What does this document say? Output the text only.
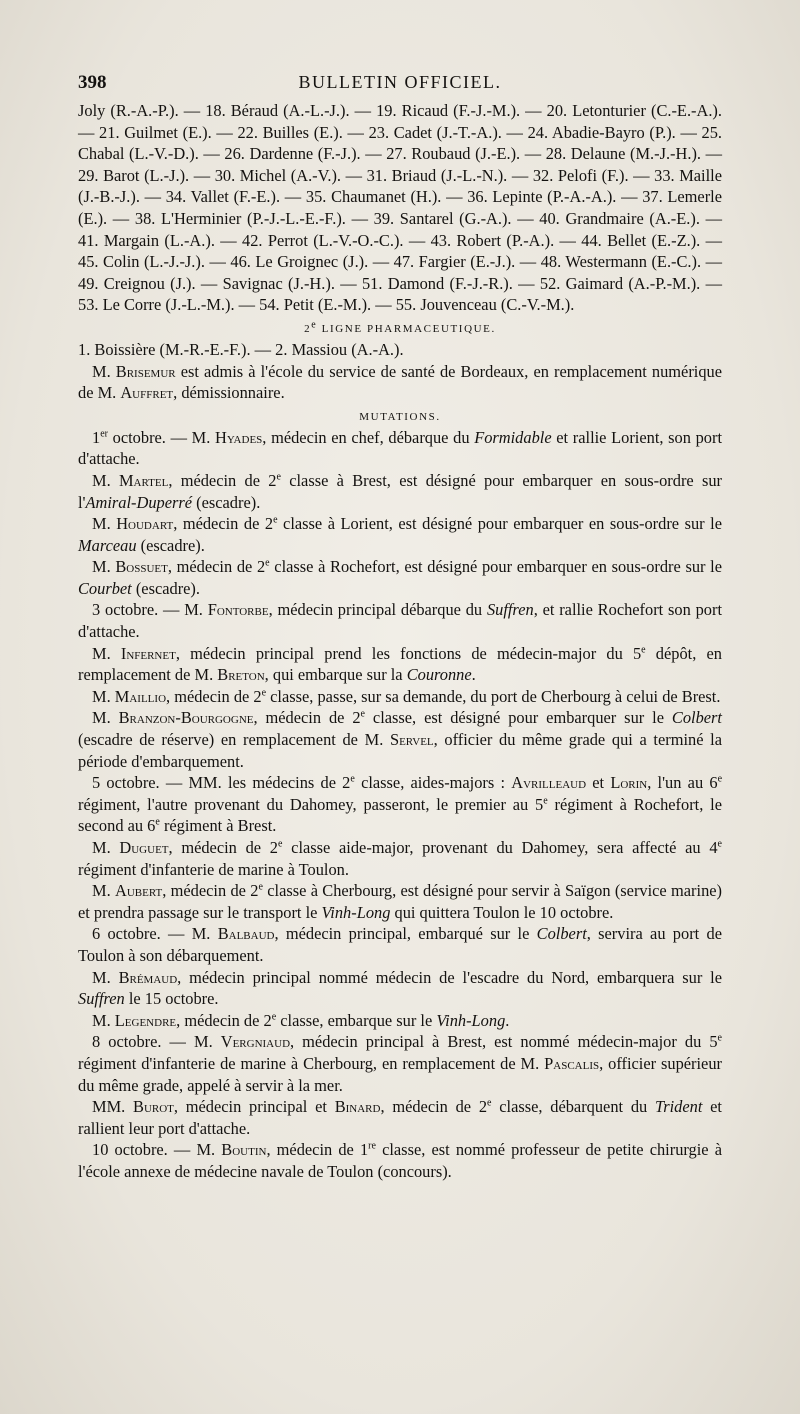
398	BULLETIN OFFICIEL.

Joly (R.-A.-P.). — 18. Béraud (A.-L.-J.). — 19. Ricaud (F.-J.-M.). — 20. Letonturier (C.-E.-A.). — 21. Guilmet (E.). — 22. Builles (E.). — 23. Cadet (J.-T.-A.). — 24. Abadie-Bayro (P.). — 25. Chabal (L.-V.-D.). — 26. Dardenne (F.-J.). — 27. Roubaud (J.-E.). — 28. Delaune (M.-J.-H.). — 29. Barot (L.-J.). — 30. Michel (A.-V.). — 31. Briaud (J.-L.-N.). — 32. Pelofi (F.). — 33. Maille (J.-B.-J.). — 34. Vallet (F.-E.). — 35. Chaumanet (H.). — 36. Lepinte (P.-A.-A.). — 37. Lemerle (E.). — 38. L'Herminier (P.-J.-L.-E.-F.). — 39. Santarel (G.-A.). — 40. Grandmaire (A.-E.). — 41. Margain (L.-A.). — 42. Perrot (L.-V.-O.-C.). — 43. Robert (P.-A.). — 44. Bellet (E.-Z.). — 45. Colin (L.-J.-J.). — 46. Le Groignec (J.). — 47. Fargier (E.-J.). — 48. Westermann (E.-C.). — 49. Creignou (J.). — Savignac (J.-H.). — 51. Damond (F.-J.-R.). — 52. Gaimard (A.-P.-M.). — 53. Le Corre (J.-L.-M.). — 54. Petit (E.-M.). — 55. Jouvenceau (C.-V.-M.).

2e LIGNE PHARMACEUTIQUE.

1. Boissière (M.-R.-E.-F.). — 2. Massiou (A.-A.).

M. Brisemur est admis à l'école du service de santé de Bordeaux, en remplacement numérique de M. Auffret, démissionnaire.

MUTATIONS.

1er octobre. — M. Hyades, médecin en chef, débarque du Formidable et rallie Lorient, son port d'attache.

M. Martel, médecin de 2e classe à Brest, est désigné pour embarquer en sous-ordre sur l'Amiral-Duperré (escadre).

M. Houdart, médecin de 2e classe à Lorient, est désigné pour embarquer en sous-ordre sur le Marceau (escadre).

M. Bossuet, médecin de 2e classe à Rochefort, est désigné pour embarquer en sous-ordre sur le Courbet (escadre).

3 octobre. — M. Fontorbe, médecin principal débarque du Suffren, et rallie Rochefort son port d'attache.

M. Infernet, médecin principal prend les fonctions de médecin-major du 5e dépôt, en remplacement de M. Breton, qui embarque sur la Couronne.

M. Maillio, médecin de 2e classe, passe, sur sa demande, du port de Cherbourg à celui de Brest.

M. Branzon-Bourgogne, médecin de 2e classe, est désigné pour embarquer sur le Colbert (escadre de réserve) en remplacement de M. Servel, officier du même grade qui a terminé la période d'embarquement.

5 octobre. — MM. les médecins de 2e classe, aides-majors : Avrilleaud et Lorin, l'un au 6e régiment, l'autre provenant du Dahomey, passeront, le premier au 5e régiment à Rochefort, le second au 6e régiment à Brest.

M. Duguet, médecin de 2e classe aide-major, provenant du Dahomey, sera affecté au 4e régiment d'infanterie de marine à Toulon.

M. Aubert, médecin de 2e classe à Cherbourg, est désigné pour servir à Saïgon (service marine) et prendra passage sur le transport le Vinh-Long qui quittera Toulon le 10 octobre.

6 octobre. — M. Balbaud, médecin principal, embarqué sur le Colbert, servira au port de Toulon à son débarquement.

M. Brémaud, médecin principal nommé médecin de l'escadre du Nord, embarquera sur le Suffren le 15 octobre.

M. Legendre, médecin de 2e classe, embarque sur le Vinh-Long.

8 octobre. — M. Vergniaud, médecin principal à Brest, est nommé médecin-major du 5e régiment d'infanterie de marine à Cherbourg, en remplacement de M. Pascalis, officier supérieur du même grade, appelé à servir à la mer.

MM. Burot, médecin principal et Binard, médecin de 2e classe, débarquent du Trident et rallient leur port d'attache.

10 octobre. — M. Boutin, médecin de 1re classe, est nommé professeur de petite chirurgie à l'école annexe de médecine navale de Toulon (concours).
